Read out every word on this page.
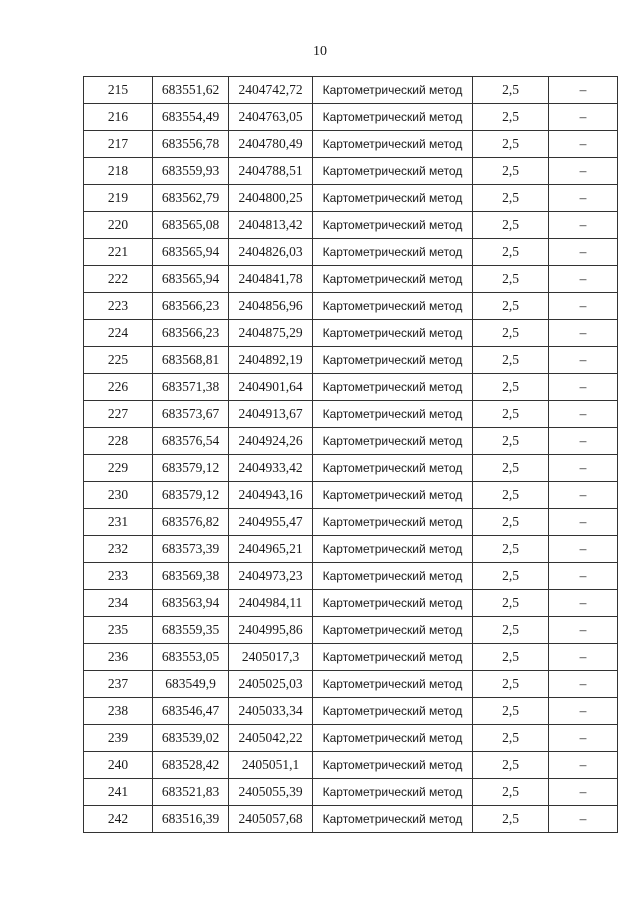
10
215	683551,62	2404742,72	Картометрический метод	2,5	–
216	683554,49	2404763,05	Картометрический метод	2,5	–
217	683556,78	2404780,49	Картометрический метод	2,5	–
218	683559,93	2404788,51	Картометрический метод	2,5	–
219	683562,79	2404800,25	Картометрический метод	2,5	–
220	683565,08	2404813,42	Картометрический метод	2,5	–
221	683565,94	2404826,03	Картометрический метод	2,5	–
222	683565,94	2404841,78	Картометрический метод	2,5	–
223	683566,23	2404856,96	Картометрический метод	2,5	–
224	683566,23	2404875,29	Картометрический метод	2,5	–
225	683568,81	2404892,19	Картометрический метод	2,5	–
226	683571,38	2404901,64	Картометрический метод	2,5	–
227	683573,67	2404913,67	Картометрический метод	2,5	–
228	683576,54	2404924,26	Картометрический метод	2,5	–
229	683579,12	2404933,42	Картометрический метод	2,5	–
230	683579,12	2404943,16	Картометрический метод	2,5	–
231	683576,82	2404955,47	Картометрический метод	2,5	–
232	683573,39	2404965,21	Картометрический метод	2,5	–
233	683569,38	2404973,23	Картометрический метод	2,5	–
234	683563,94	2404984,11	Картометрический метод	2,5	–
235	683559,35	2404995,86	Картометрический метод	2,5	–
236	683553,05	2405017,3	Картометрический метод	2,5	–
237	683549,9	2405025,03	Картометрический метод	2,5	–
238	683546,47	2405033,34	Картометрический метод	2,5	–
239	683539,02	2405042,22	Картометрический метод	2,5	–
240	683528,42	2405051,1	Картометрический метод	2,5	–
241	683521,83	2405055,39	Картометрический метод	2,5	–
242	683516,39	2405057,68	Картометрический метод	2,5	–
